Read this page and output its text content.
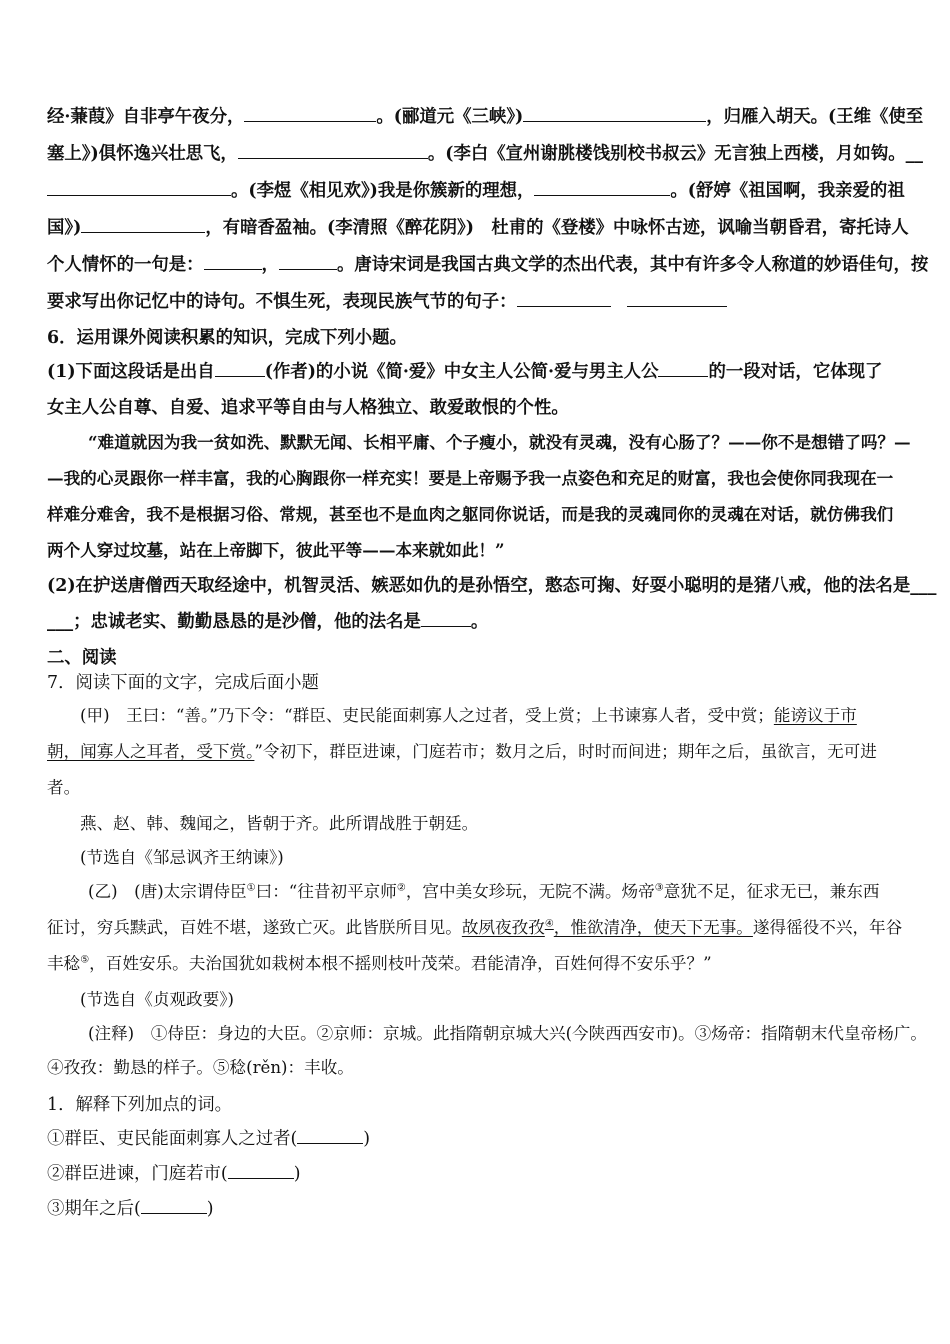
经·蒹葭》自非亭午夜分，	。(郦道元《三峡》)	，归雁入胡天。(王维《使至
塞上》)俱怀逸兴壮思飞，	。(李白《宣州谢朓楼饯别校书叔云》无言独上西楼，月如钩。__
。(李煜《相见欢》)我是你簇新的理想，	。(舒婷《祖国啊，我亲爱的祖
国》)	，有暗香盈袖。(李清照《醉花阴》)　杜甫的《登楼》中咏怀古迹，讽喻当朝昏君，寄托诗人
个人情怀的一句是：	，	。唐诗宋词是我国古典文学的杰出代表，其中有许多令人称道的妙语佳句，按
要求写出你记忆中的诗句。不惧生死，表现民族气节的句子：
6．运用课外阅读积累的知识，完成下列小题。
(1)下面这段话是出自	(作者)的小说《简·爱》中女主人公简·爱与男主人公	的一段对话，它体现了
女主人公自尊、自爱、追求平等自由与人格独立、敢爱敢恨的个性。
“难道就因为我一贫如洗、默默无闻、长相平庸、个子瘦小，就没有灵魂，没有心肠了？——你不是想错了吗？—
—我的心灵跟你一样丰富，我的心胸跟你一样充实！要是上帝赐予我一点姿色和充足的财富，我也会使你同我现在一
样难分难舍，我不是根据习俗、常规，甚至也不是血肉之躯同你说话，而是我的灵魂同你的灵魂在对话，就仿佛我们
两个人穿过坟墓，站在上帝脚下，彼此平等——本来就如此！”
(2)在护送唐僧西天取经途中，机智灵活、嫉恶如仇的是孙悟空，憨态可掬、好耍小聪明的是猪八戒，他的法名是___
___；忠诚老实、勤勤恳恳的是沙僧，他的法名是	。
二、阅读
7．阅读下面的文字，完成后面小题
(甲)　王曰：“善。”乃下令：“群臣、吏民能面刺寡人之过者，受上赏；上书谏寡人者，受中赏；能谤议于市
朝，闻寡人之耳者，受下赏。”令初下，群臣进谏，门庭若市；数月之后，时时而间进；期年之后，虽欲言，无可进
者。
燕、赵、韩、魏闻之，皆朝于齐。此所谓战胜于朝廷。
(节选自《邹忌讽齐王纳谏》)
(乙)　(唐)太宗谓侍臣①曰：“往昔初平京师②，宫中美女珍玩，无院不满。炀帝③意犹不足，征求无已，兼东西
征讨，穷兵黩武，百姓不堪，遂致亡灭。此皆朕所目见。故夙夜孜孜④，惟欲清净，使天下无事。遂得徭役不兴，年谷
丰稔⑤，百姓安乐。夫治国犹如栽树本根不摇则枝叶茂荣。君能清净，百姓何得不安乐乎？”
(节选自《贞观政要》)
(注释)　①侍臣：身边的大臣。②京师：京城。此指隋朝京城大兴(今陕西西安市)。③炀帝：指隋朝末代皇帝杨广。
④孜孜：勤恳的样子。⑤稔(rěn)：丰收。
1．解释下列加点的词。
①群臣、吏民能面刺寡人之过者(	)
②群臣进谏，门庭若市(	)
③期年之后(	)
